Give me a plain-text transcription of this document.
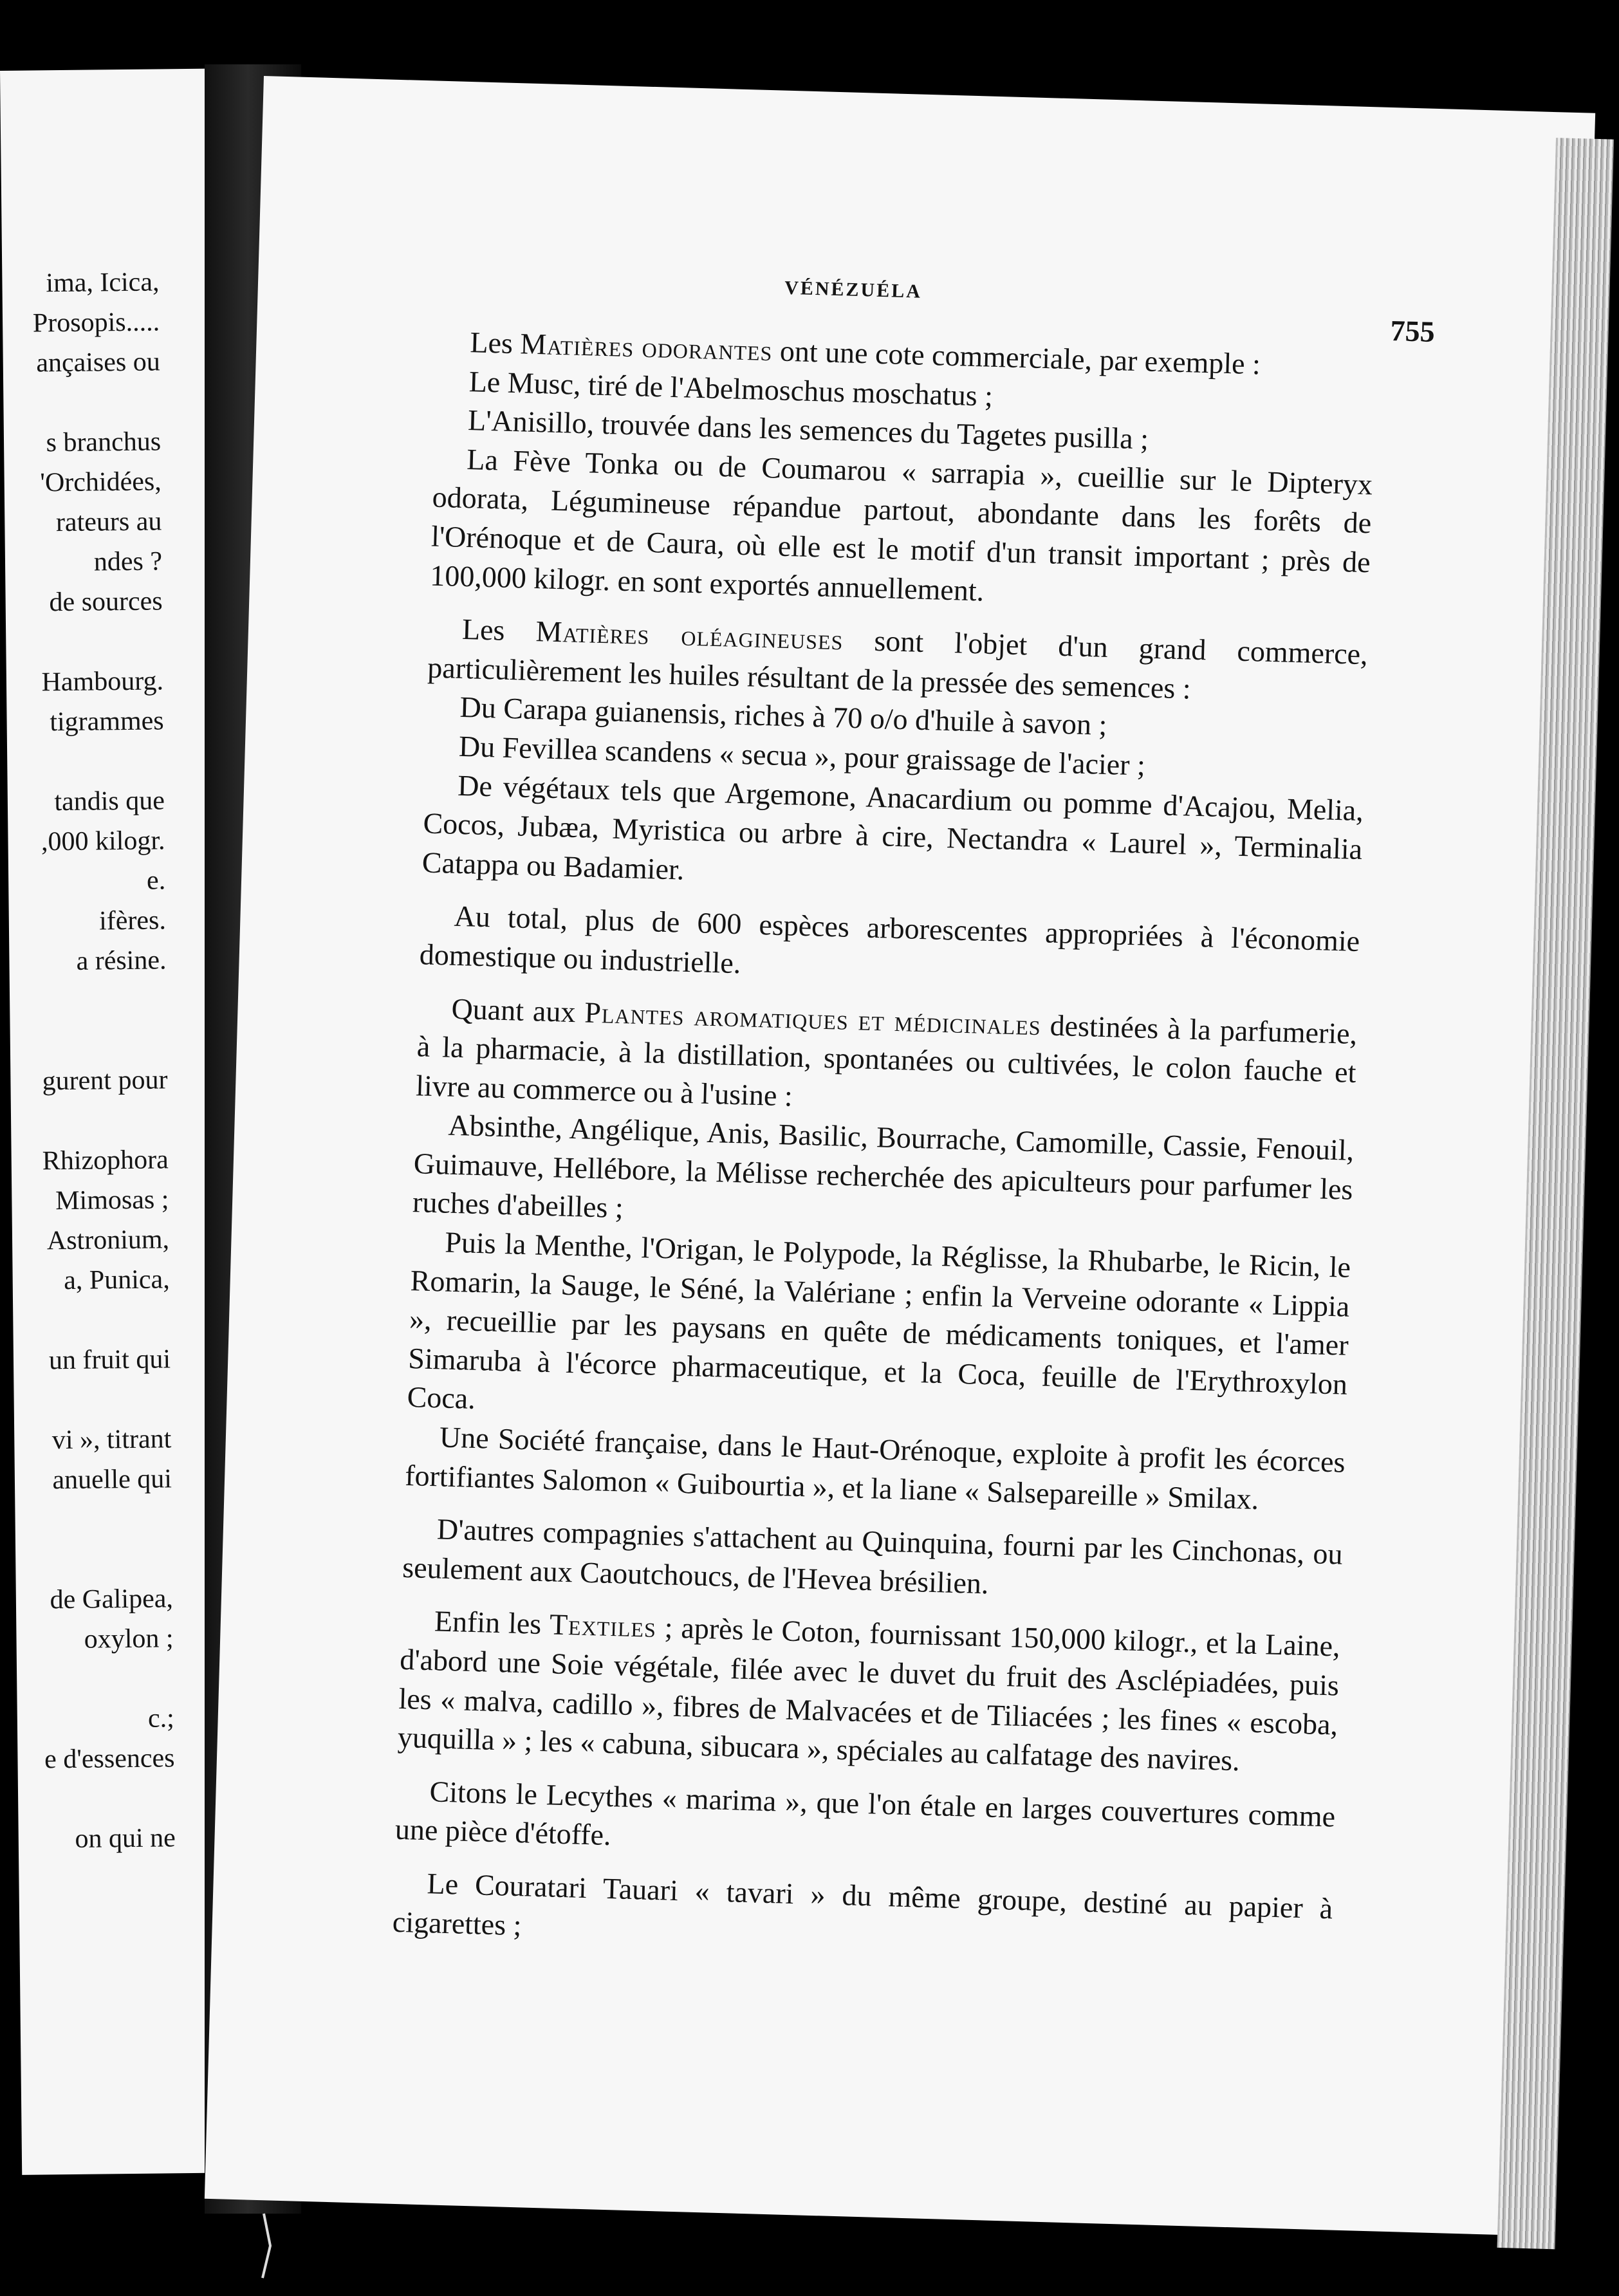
ima, Icica,
Prosopis.....
ançaises ou
s branchus
'Orchidées,
rateurs au
ndes ?
de sources
Hambourg.
tigrammes
tandis que
,000 kilogr.
e.
ifères.
a résine.
gurent pour
Rhizophora
Mimosas ;
Astronium,
a, Punica,
un fruit qui
vi », titrant
anuelle qui
de Galipea,
oxylon ;
c.;
e d'essences
on qui ne
VÉNÉZUÉLA
755

Les Matières odorantes ont une cote commerciale, par exemple :

Le Musc, tiré de l'Abelmoschus moschatus ;

L'Anisillo, trouvée dans les semences du Tagetes pusilla ;

La Fève Tonka ou de Coumarou « sarrapia », cueillie sur le Dipteryx odorata, Légumineuse répandue partout, abondante dans les forêts de l'Orénoque et de Caura, où elle est le motif d'un transit important ; près de 100,000 kilogr. en sont exportés annuellement.

Les Matières oléagineuses sont l'objet d'un grand commerce, particulièrement les huiles résultant de la pressée des semences :

Du Carapa guianensis, riches à 70 o/o d'huile à savon ;

Du Fevillea scandens « secua », pour graissage de l'acier ;

De végétaux tels que Argemone, Anacardium ou pomme d'Acajou, Melia, Cocos, Jubæa, Myristica ou arbre à cire, Nectandra « Laurel », Terminalia Catappa ou Badamier.

Au total, plus de 600 espèces arborescentes appropriées à l'économie domestique ou industrielle.

Quant aux Plantes aromatiques et médicinales destinées à la parfumerie, à la pharmacie, à la distillation, spontanées ou cultivées, le colon fauche et livre au commerce ou à l'usine :

Absinthe, Angélique, Anis, Basilic, Bourrache, Camomille, Cassie, Fenouil, Guimauve, Hellébore, la Mélisse recherchée des apiculteurs pour parfumer les ruches d'abeilles ;

Puis la Menthe, l'Origan, le Polypode, la Réglisse, la Rhubarbe, le Ricin, le Romarin, la Sauge, le Séné, la Valériane ; enfin la Verveine odorante « Lippia », recueillie par les paysans en quête de médicaments toniques, et l'amer Simaruba à l'écorce pharmaceutique, et la Coca, feuille de l'Erythroxylon Coca.

Une Société française, dans le Haut-Orénoque, exploite à profit les écorces fortifiantes Salomon « Guibourtia », et la liane « Salsepareille » Smilax.

D'autres compagnies s'attachent au Quinquina, fourni par les Cinchonas, ou seulement aux Caoutchoucs, de l'Hevea brésilien.

Enfin les Textiles ; après le Coton, fournissant 150,000 kilogr., et la Laine, d'abord une Soie végétale, filée avec le duvet du fruit des Asclépiadées, puis les « malva, cadillo », fibres de Malvacées et de Tiliacées ; les fines « escoba, yuquilla » ; les « cabuna, sibucara », spéciales au calfatage des navires.

Citons le Lecythes « marima », que l'on étale en larges couvertures comme une pièce d'étoffe.

Le Couratari Tauari « tavari » du même groupe, destiné au papier à cigarettes ;
